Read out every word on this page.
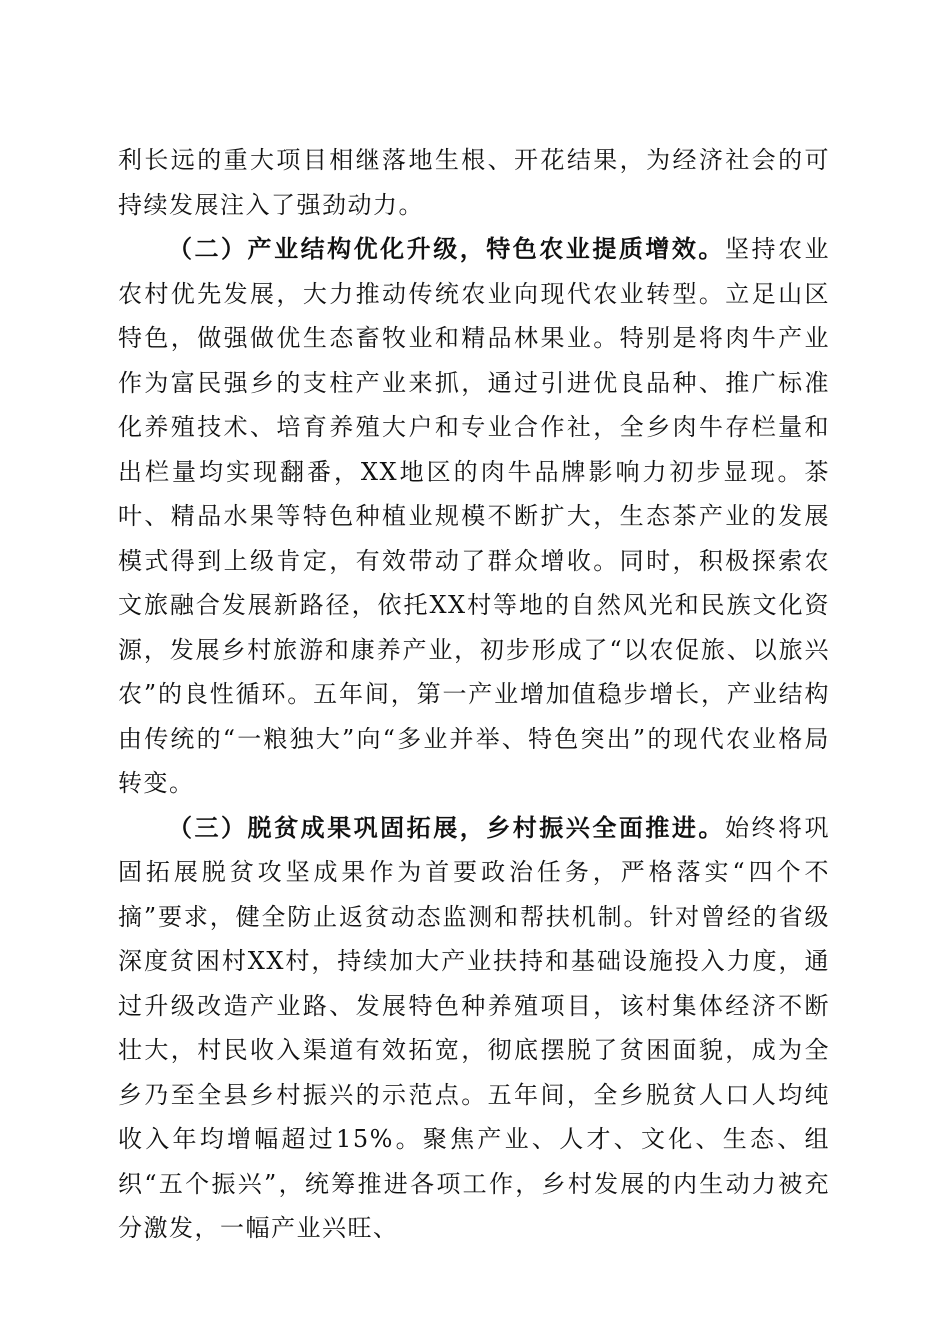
利长远的重大项目相继落地生根、开花结果，为经济社会的可持续发展注入了强劲动力。

（二）产业结构优化升级，特色农业提质增效。坚持农业农村优先发展，大力推动传统农业向现代农业转型。立足山区特色，做强做优生态畜牧业和精品林果业。特别是将肉牛产业作为富民强乡的支柱产业来抓，通过引进优良品种、推广标准化养殖技术、培育养殖大户和专业合作社，全乡肉牛存栏量和出栏量均实现翻番，XX地区的肉牛品牌影响力初步显现。茶叶、精品水果等特色种植业规模不断扩大，生态茶产业的发展模式得到上级肯定，有效带动了群众增收。同时，积极探索农文旅融合发展新路径，依托XX村等地的自然风光和民族文化资源，发展乡村旅游和康养产业，初步形成了“以农促旅、以旅兴农”的良性循环。五年间，第一产业增加值稳步增长，产业结构由传统的“一粮独大”向“多业并举、特色突出”的现代农业格局转变。

（三）脱贫成果巩固拓展，乡村振兴全面推进。始终将巩固拓展脱贫攻坚成果作为首要政治任务，严格落实“四个不摘”要求，健全防止返贫动态监测和帮扶机制。针对曾经的省级深度贫困村XX村，持续加大产业扶持和基础设施投入力度，通过升级改造产业路、发展特色种养殖项目，该村集体经济不断壮大，村民收入渠道有效拓宽，彻底摆脱了贫困面貌，成为全乡乃至全县乡村振兴的示范点。五年间，全乡脱贫人口人均纯收入年均增幅超过15%。聚焦产业、人才、文化、生态、组织“五个振兴”，统筹推进各项工作，乡村发展的内生动力被充分激发，一幅产业兴旺、
